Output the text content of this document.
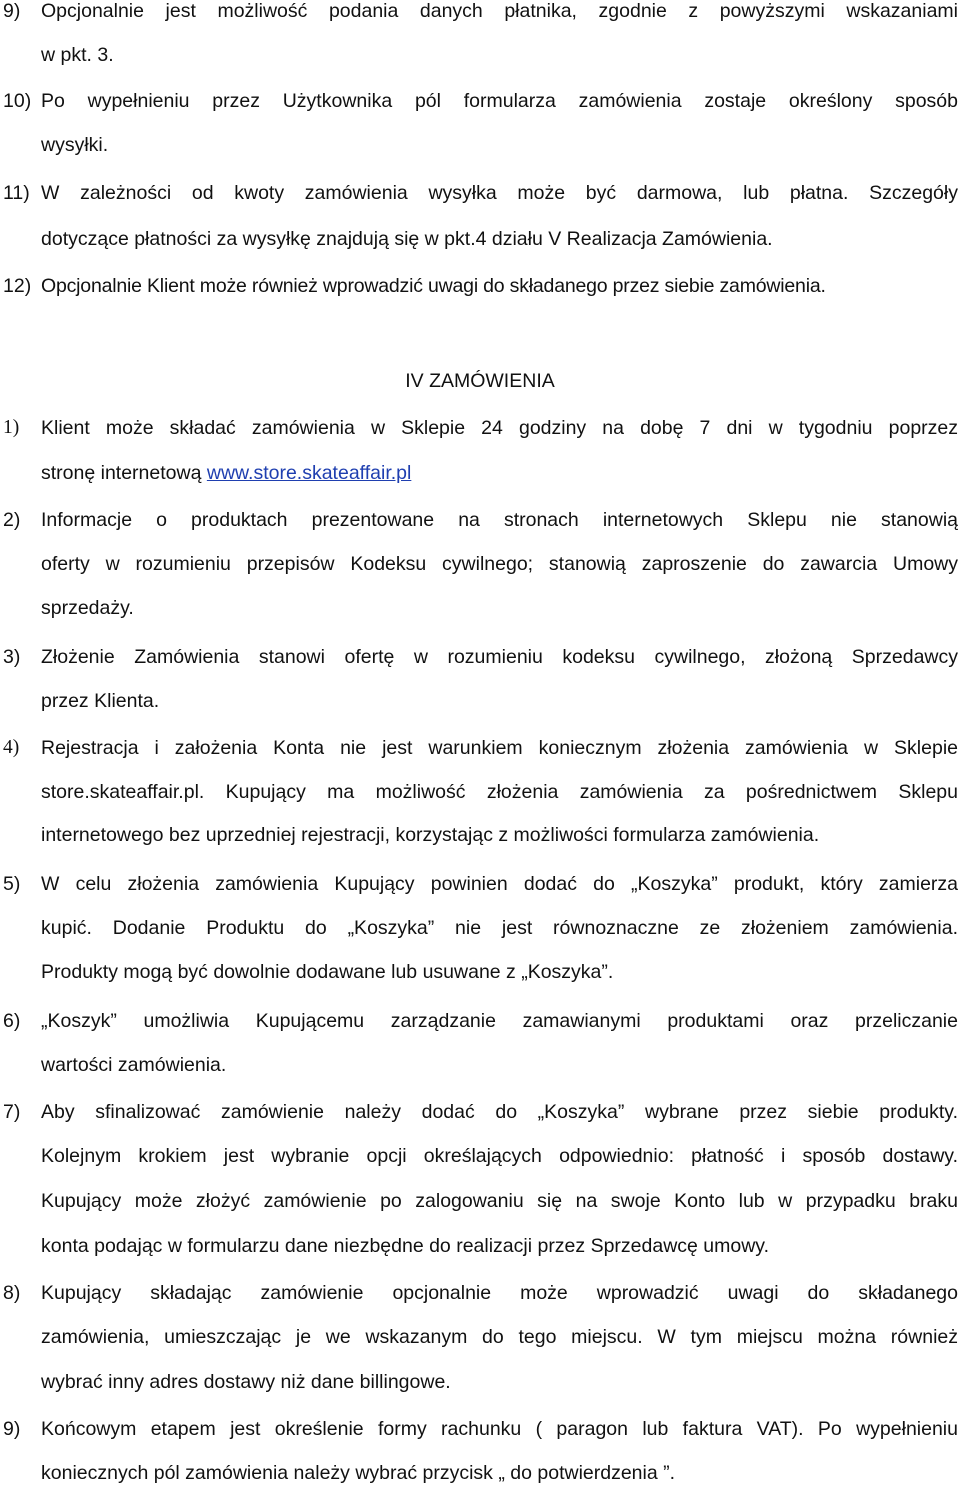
9) Opcjonalnie jest możliwość podania danych płatnika, zgodnie z powyższymi wskazaniami
w pkt. 3.
10) Po wypełnieniu przez Użytkownika pól formularza zamówienia zostaje określony sposób
wysyłki.
11) W zależności od kwoty zamówienia wysyłka może być darmowa, lub płatna. Szczegóły
dotyczące płatności za wysyłkę znajdują się w pkt.4 działu V Realizacja Zamówienia.
12) Opcjonalnie Klient może również wprowadzić uwagi do składanego przez siebie zamówienia.
IV ZAMÓWIENIA
1) Klient może składać zamówienia w Sklepie 24 godziny na dobę 7 dni w tygodniu poprzez
stronę internetową www.store.skateaffair.pl
2) Informacje o produktach prezentowane na stronach internetowych Sklepu nie stanowią
oferty w rozumieniu przepisów Kodeksu cywilnego; stanowią zaproszenie do zawarcia Umowy
sprzedaży.
3) Złożenie Zamówienia stanowi ofertę w rozumieniu kodeksu cywilnego, złożoną Sprzedawcy
przez Klienta.
4) Rejestracja i założenia Konta nie jest warunkiem koniecznym złożenia zamówienia w Sklepie
store.skateaffair.pl. Kupujący ma możliwość złożenia zamówienia za pośrednictwem Sklepu
internetowego bez uprzedniej rejestracji, korzystając z możliwości formularza zamówienia.
5) W celu złożenia zamówienia Kupujący powinien dodać do „Koszyka” produkt, który zamierza
kupić. Dodanie Produktu do „Koszyka” nie jest równoznaczne ze złożeniem zamówienia.
Produkty mogą być dowolnie dodawane lub usuwane z „Koszyka”.
6) „Koszyk” umożliwia Kupującemu zarządzanie zamawianymi produktami oraz przeliczanie
wartości zamówienia.
7) Aby sfinalizować zamówienie należy dodać do „Koszyka” wybrane przez siebie produkty.
Kolejnym krokiem jest wybranie opcji określających odpowiednio: płatność i sposób dostawy.
Kupujący może złożyć zamówienie po zalogowaniu się na swoje Konto lub w przypadku braku
konta podając w formularzu dane niezbędne do realizacji przez Sprzedawcę umowy.
8) Kupujący składając zamówienie opcjonalnie może wprowadzić uwagi do składanego
zamówienia, umieszczając je we wskazanym do tego miejscu. W tym miejscu można również
wybrać inny adres dostawy niż dane billingowe.
9) Końcowym etapem jest określenie formy rachunku ( paragon lub faktura VAT). Po wypełnieniu
koniecznych pól zamówienia należy wybrać przycisk „ do potwierdzenia ”.
